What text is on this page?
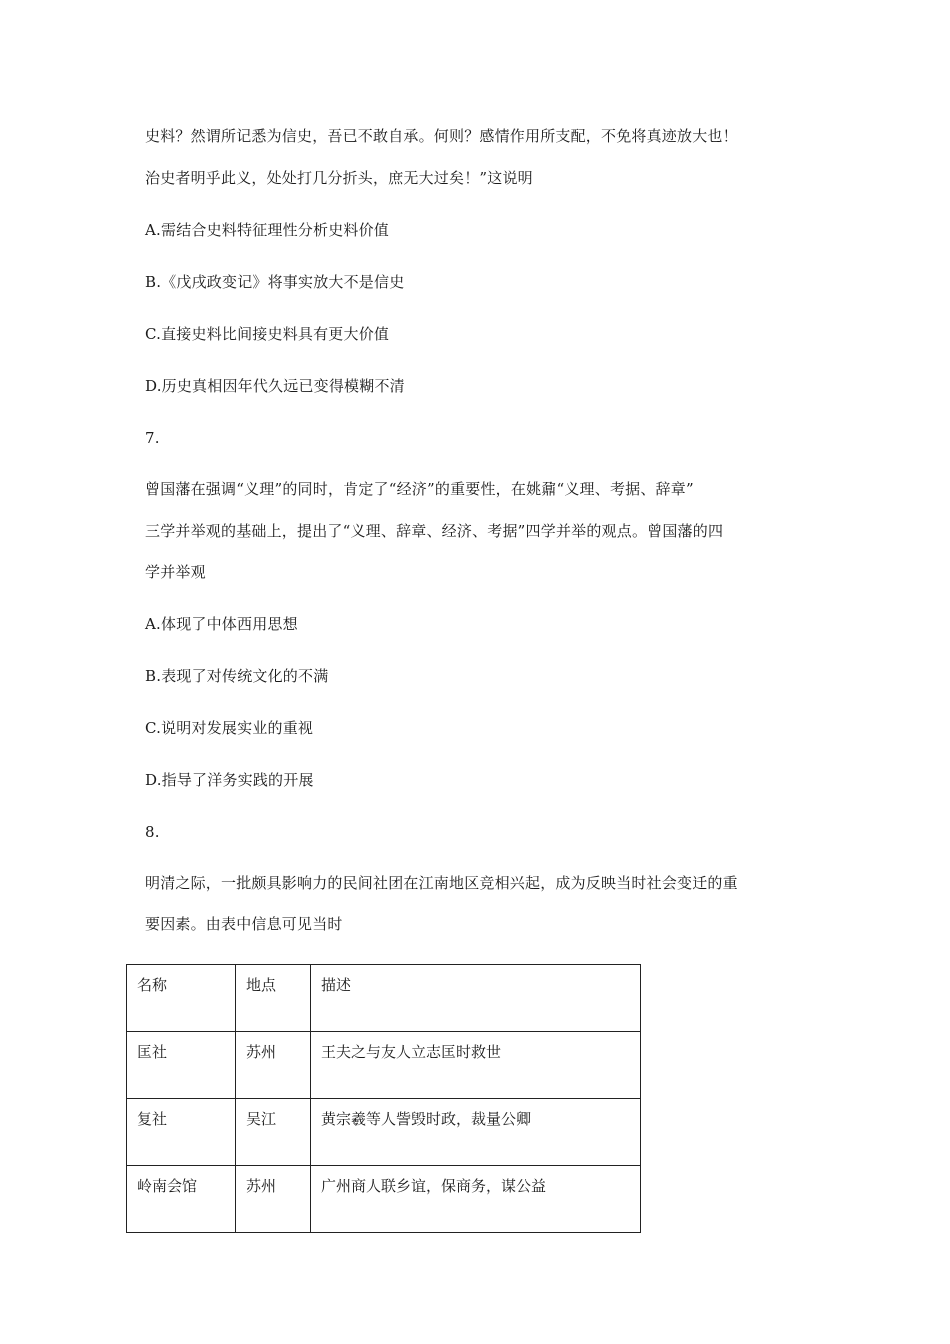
史料？然谓所记悉为信史，吾已不敢自承。何则？感情作用所支配，不免将真迹放大也！
治史者明乎此义，处处打几分折头，庶无大过矣！”这说明
A.需结合史料特征理性分析史料价值
B.《戊戌政变记》将事实放大不是信史
C.直接史料比间接史料具有更大价值
D.历史真相因年代久远已变得模糊不清
7.
曾国藩在强调“义理”的同时，肯定了“经济”的重要性，在姚鼐“义理、考据、辞章”
三学并举观的基础上，提出了“义理、辞章、经济、考据”四学并举的观点。曾国藩的四
学并举观
A.体现了中体西用思想
B.表现了对传统文化的不满
C.说明对发展实业的重视
D.指导了洋务实践的开展
8.
明清之际，一批颇具影响力的民间社团在江南地区竞相兴起，成为反映当时社会变迁的重
要因素。由表中信息可见当时
名称	地点	描述
匡社	苏州	王夫之与友人立志匡时救世
复社	吴江	黄宗羲等人訾毁时政，裁量公卿
岭南会馆	苏州	广州商人联乡谊，保商务，谋公益
